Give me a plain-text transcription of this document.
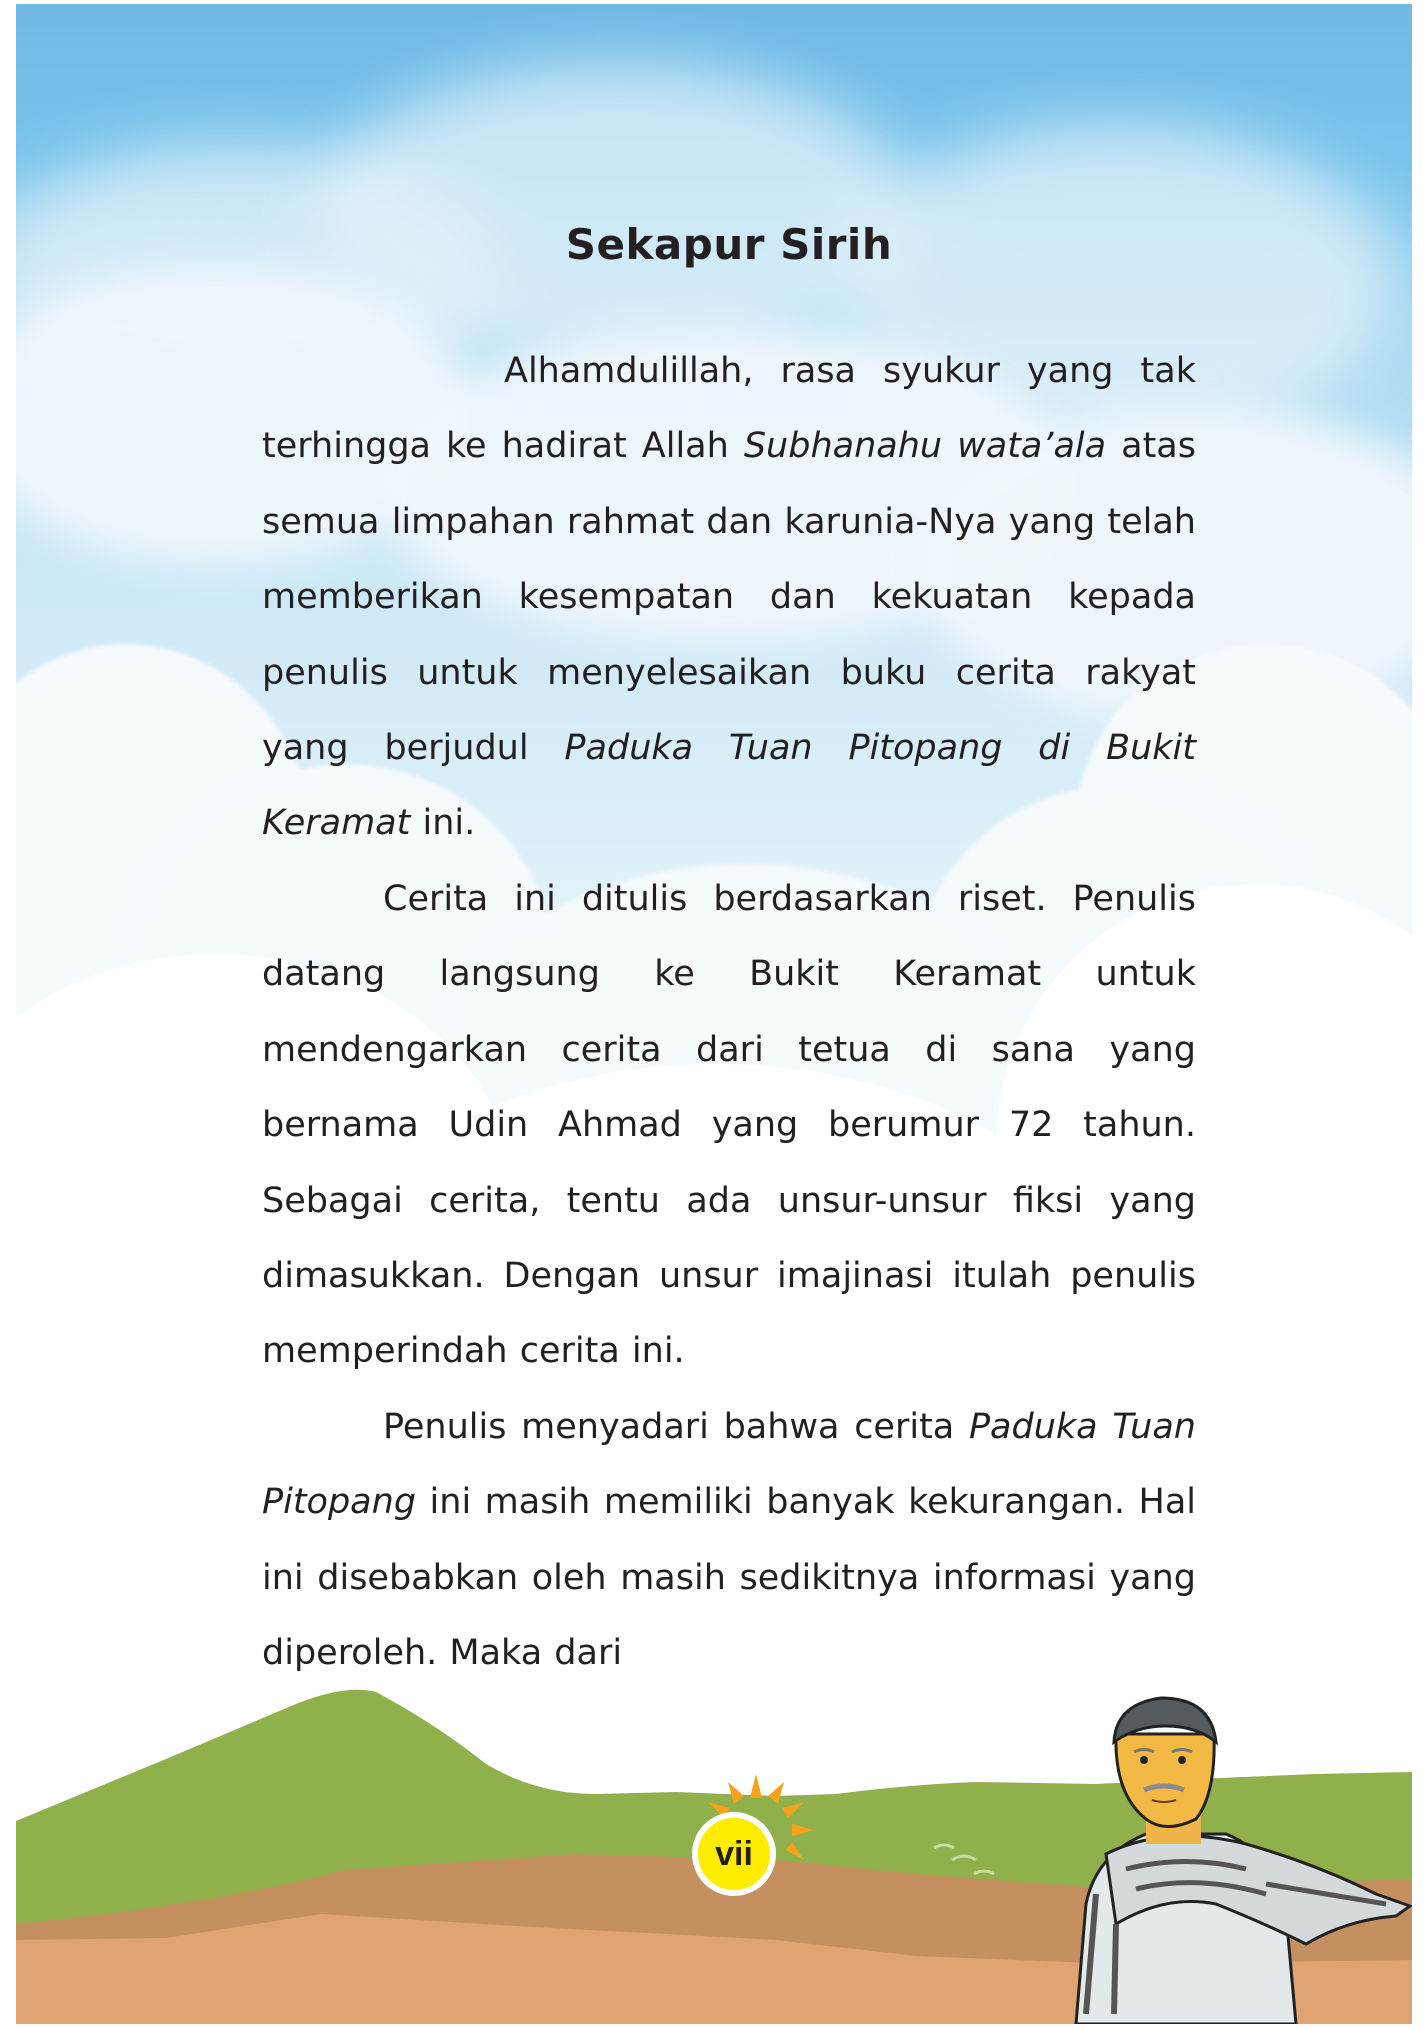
Sekapur Sirih

Alhamdulillah, rasa syukur yang tak terhingga ke hadirat Allah Subhanahu wata’ala atas semua limpahan rahmat dan karunia-Nya yang telah memberikan kesempatan dan kekuatan kepada penulis untuk menyelesaikan buku cerita rakyat yang berjudul Paduka Tuan Pitopang di Bukit Keramat ini.

Cerita ini ditulis berdasarkan riset. Penulis datang langsung ke Bukit Keramat untuk mendengarkan cerita dari tetua di sana yang bernama Udin Ahmad yang berumur 72 tahun. Sebagai cerita, tentu ada unsur-unsur fiksi yang dimasukkan. Dengan unsur imajinasi itulah penulis memperindah cerita ini.

Penulis menyadari bahwa cerita Paduka Tuan Pitopang ini masih memiliki banyak kekurangan. Hal ini disebabkan oleh masih sedikitnya informasi yang diperoleh. Maka dari

vii
